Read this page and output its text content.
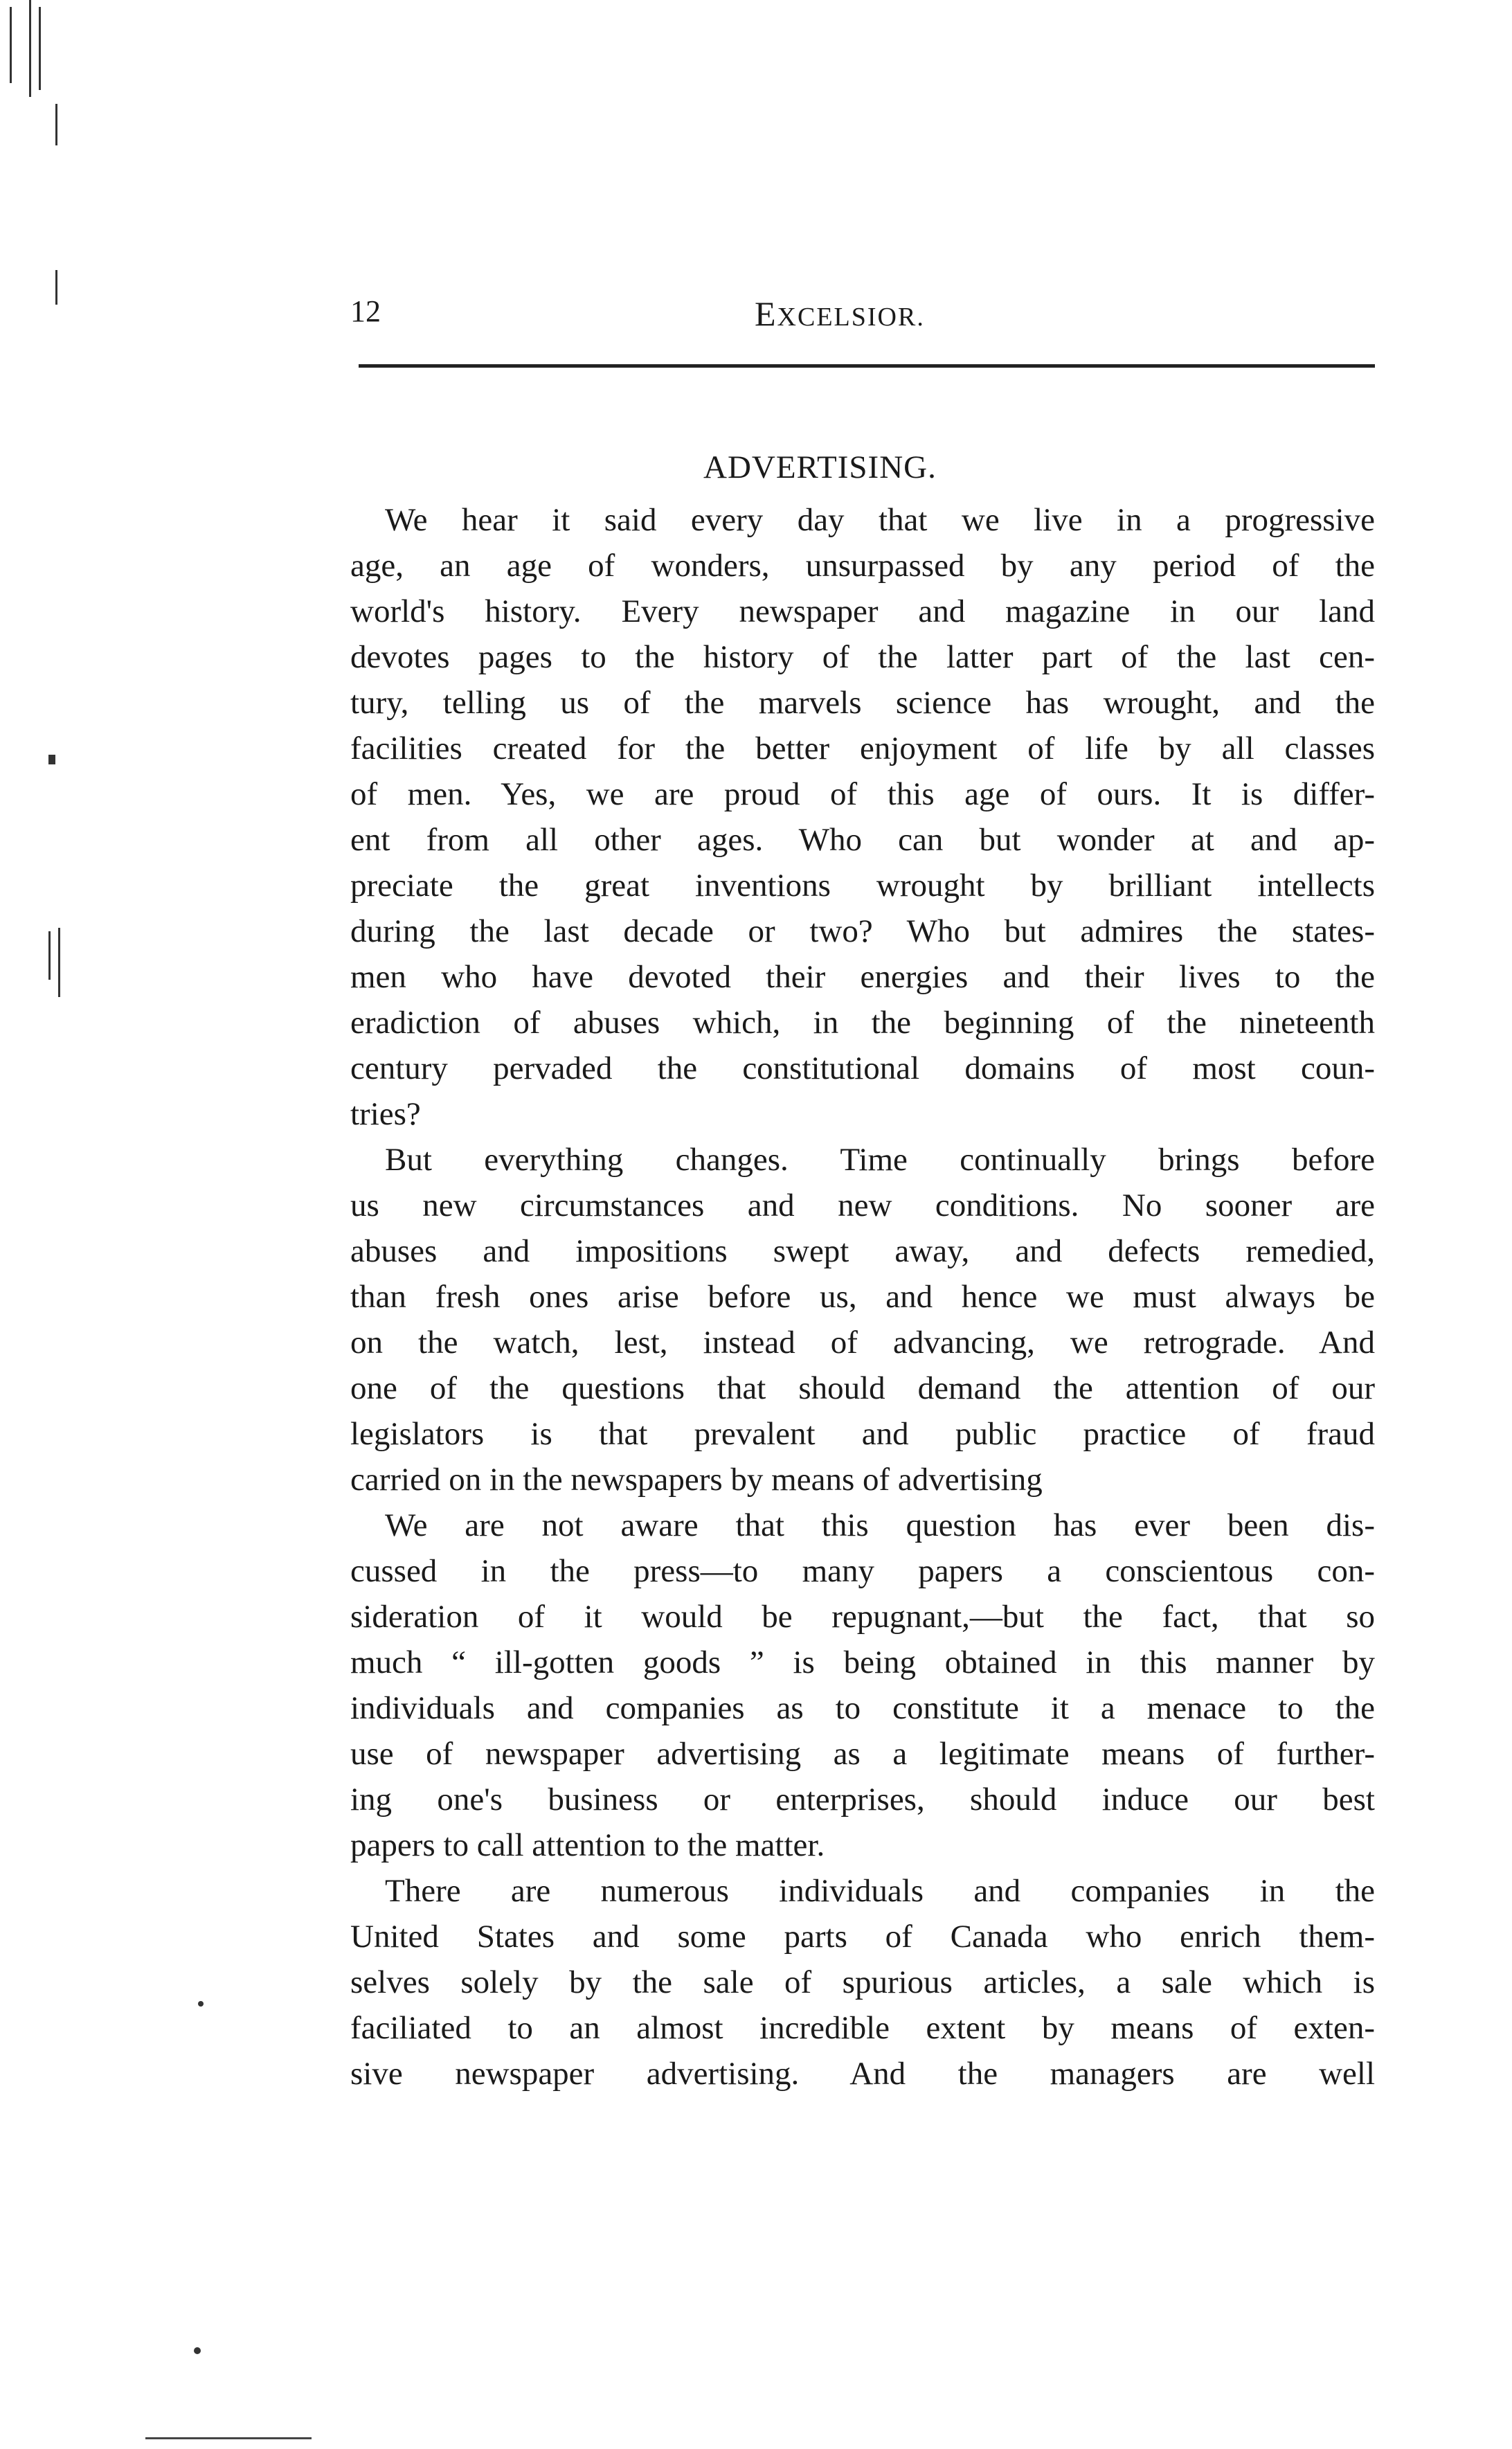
12	EXCELSIOR.
ADVERTISING.
We hear it said every day that we live in a progressive
age, an age of wonders, unsurpassed by any period of the
world's history. Every newspaper and magazine in our land
devotes pages to the history of the latter part of the last cen-
tury, telling us of the marvels science has wrought, and the
facilities created for the better enjoyment of life by all classes
of men. Yes, we are proud of this age of ours. It is differ-
ent from all other ages. Who can but wonder at and ap-
preciate the great inventions wrought by brilliant intellects
during the last decade or two? Who but admires the states-
men who have devoted their energies and their lives to the
eradiction of abuses which, in the beginning of the nineteenth
century pervaded the constitutional domains of most coun-
tries?
But everything changes. Time continually brings before
us new circumstances and new conditions. No sooner are
abuses and impositions swept away, and defects remedied,
than fresh ones arise before us, and hence we must always be
on the watch, lest, instead of advancing, we retrograde. And
one of the questions that should demand the attention of our
legislators is that prevalent and public practice of fraud
carried on in the newspapers by means of advertising
We are not aware that this question has ever been dis-
cussed in the press—to many papers a conscientous con-
sideration of it would be repugnant,—but the fact, that so
much “ ill-gotten goods ” is being obtained in this manner by
individuals and companies as to constitute it a menace to the
use of newspaper advertising as a legitimate means of further-
ing one's business or enterprises, should induce our best
papers to call attention to the matter.
There are numerous individuals and companies in the
United States and some parts of Canada who enrich them-
selves solely by the sale of spurious articles, a sale which is
faciliated to an almost incredible extent by means of exten-
sive newspaper advertising. And the managers are well
